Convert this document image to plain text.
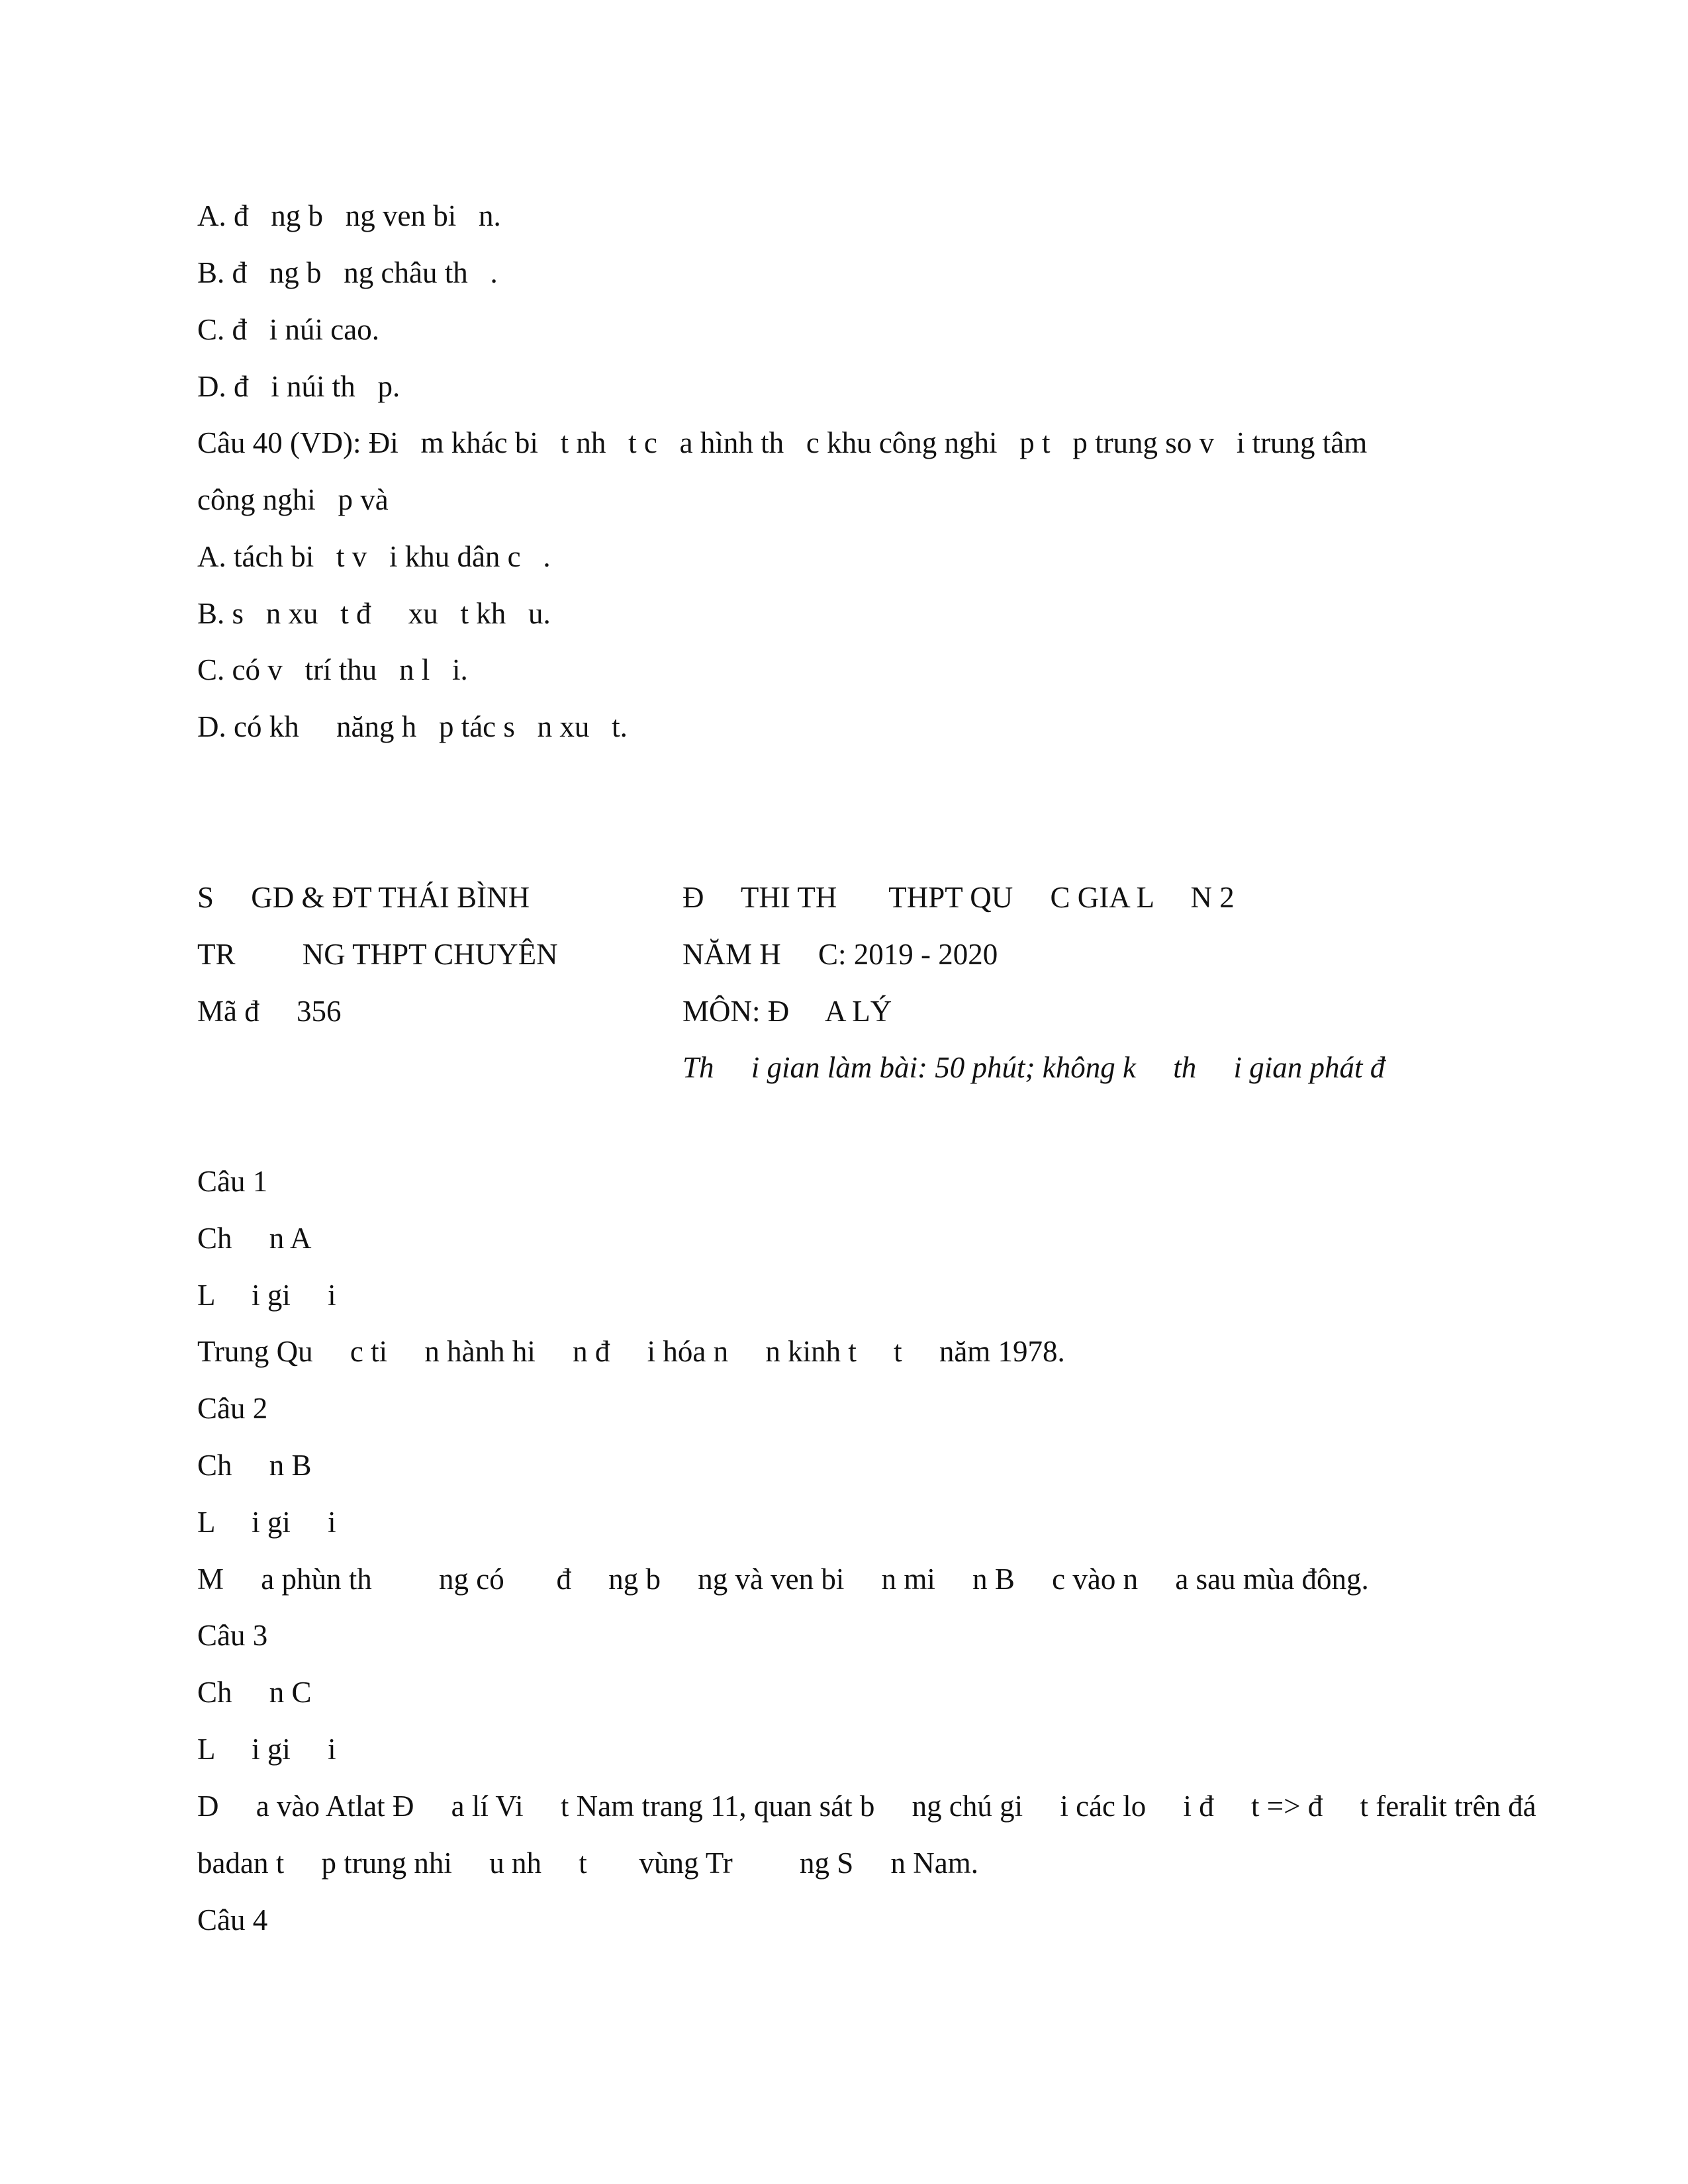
A. đ   ng b   ng ven bi   n.
B. đ   ng b   ng châu th   .
C. đ   i núi cao.
D. đ   i núi th   p.
Câu 40 (VD): Đi   m khác bi   t nh   t c   a hình th   c khu công nghi   p t   p trung so v   i trung tâm
công nghi   p và
A. tách bi   t v   i khu dân c   .
B. s   n xu   t đ     xu   t kh   u.
C. có v   trí thu   n l   i.
D. có kh     năng h   p tác s   n xu   t.
S     GD & ĐT THÁI BÌNH
TR         NG THPT CHUYÊN
Mã đ     356
Đ     THI TH       THPT QU     C GIA L     N 2
NĂM H     C: 2019 - 2020
MÔN: Đ     A LÝ
Th     i gian làm bài: 50 phút; không k     th     i gian phát đ
Câu 1
Ch     n A
L     i gi     i
Trung Qu     c ti     n hành hi     n đ     i hóa n     n kinh t     t     năm 1978.
Câu 2
Ch     n B
L     i gi     i
M     a phùn th         ng có       đ     ng b     ng và ven bi     n mi     n B     c vào n     a sau mùa đông.
Câu 3
Ch     n C
L     i gi     i
D     a vào Atlat Đ     a lí Vi     t Nam trang 11, quan sát b     ng chú gi     i các lo     i đ     t => đ     t feralit trên đá
badan t     p trung nhi     u nh     t       vùng Tr         ng S     n Nam.
Câu 4
